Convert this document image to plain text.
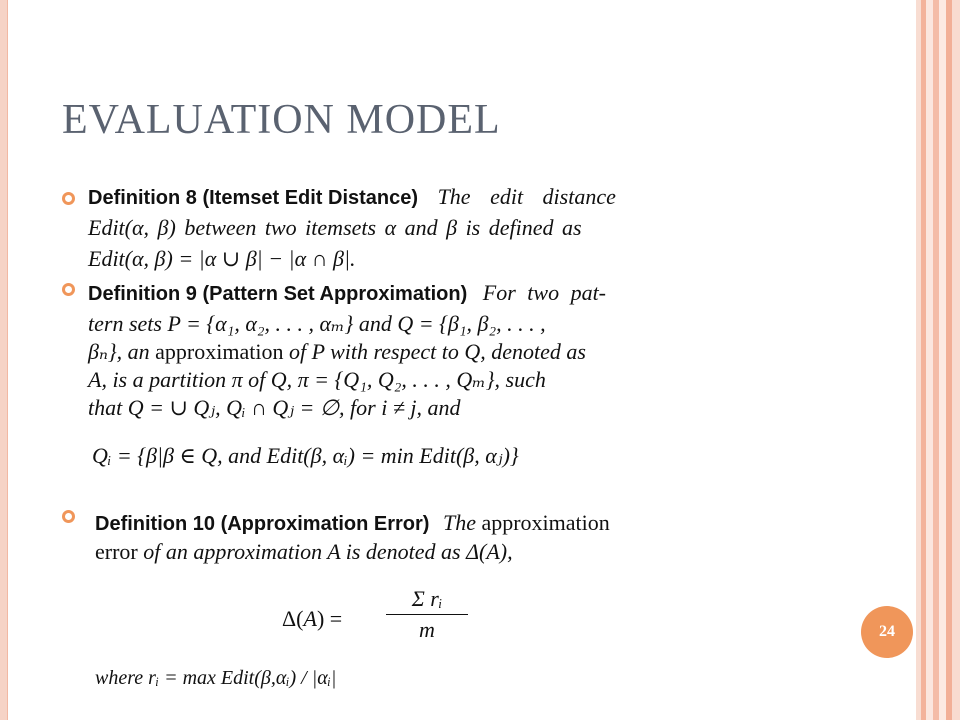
EVALUATION MODEL
Definition 8 (Itemset Edit Distance) The edit distance
Edit(α, β) between two itemsets α and β is defined as
Edit(α, β) = |α ∪ β| − |α ∩ β|.
Definition 9 (Pattern Set Approximation) For two pat-
tern sets P = {α₁, α₂, . . . , αₘ} and Q = {β₁, β₂, . . . ,
βₙ}, an approximation of P with respect to Q, denoted as
A, is a partition π of Q, π = {Q₁, Q₂, . . . , Qₘ}, such
that Q = ∪ Qⱼ, Qᵢ ∩ Qⱼ = ∅, for i ≠ j, and
Qᵢ = {β|β ∈ Q, and Edit(β, αᵢ) = min Edit(β, αⱼ)}
Definition 10 (Approximation Error) The approximation
error of an approximation A is denoted as Δ(A),
Δ(A) =
Σ rᵢ
m
where rᵢ = max Edit(β,αᵢ) / |αᵢ|
24
